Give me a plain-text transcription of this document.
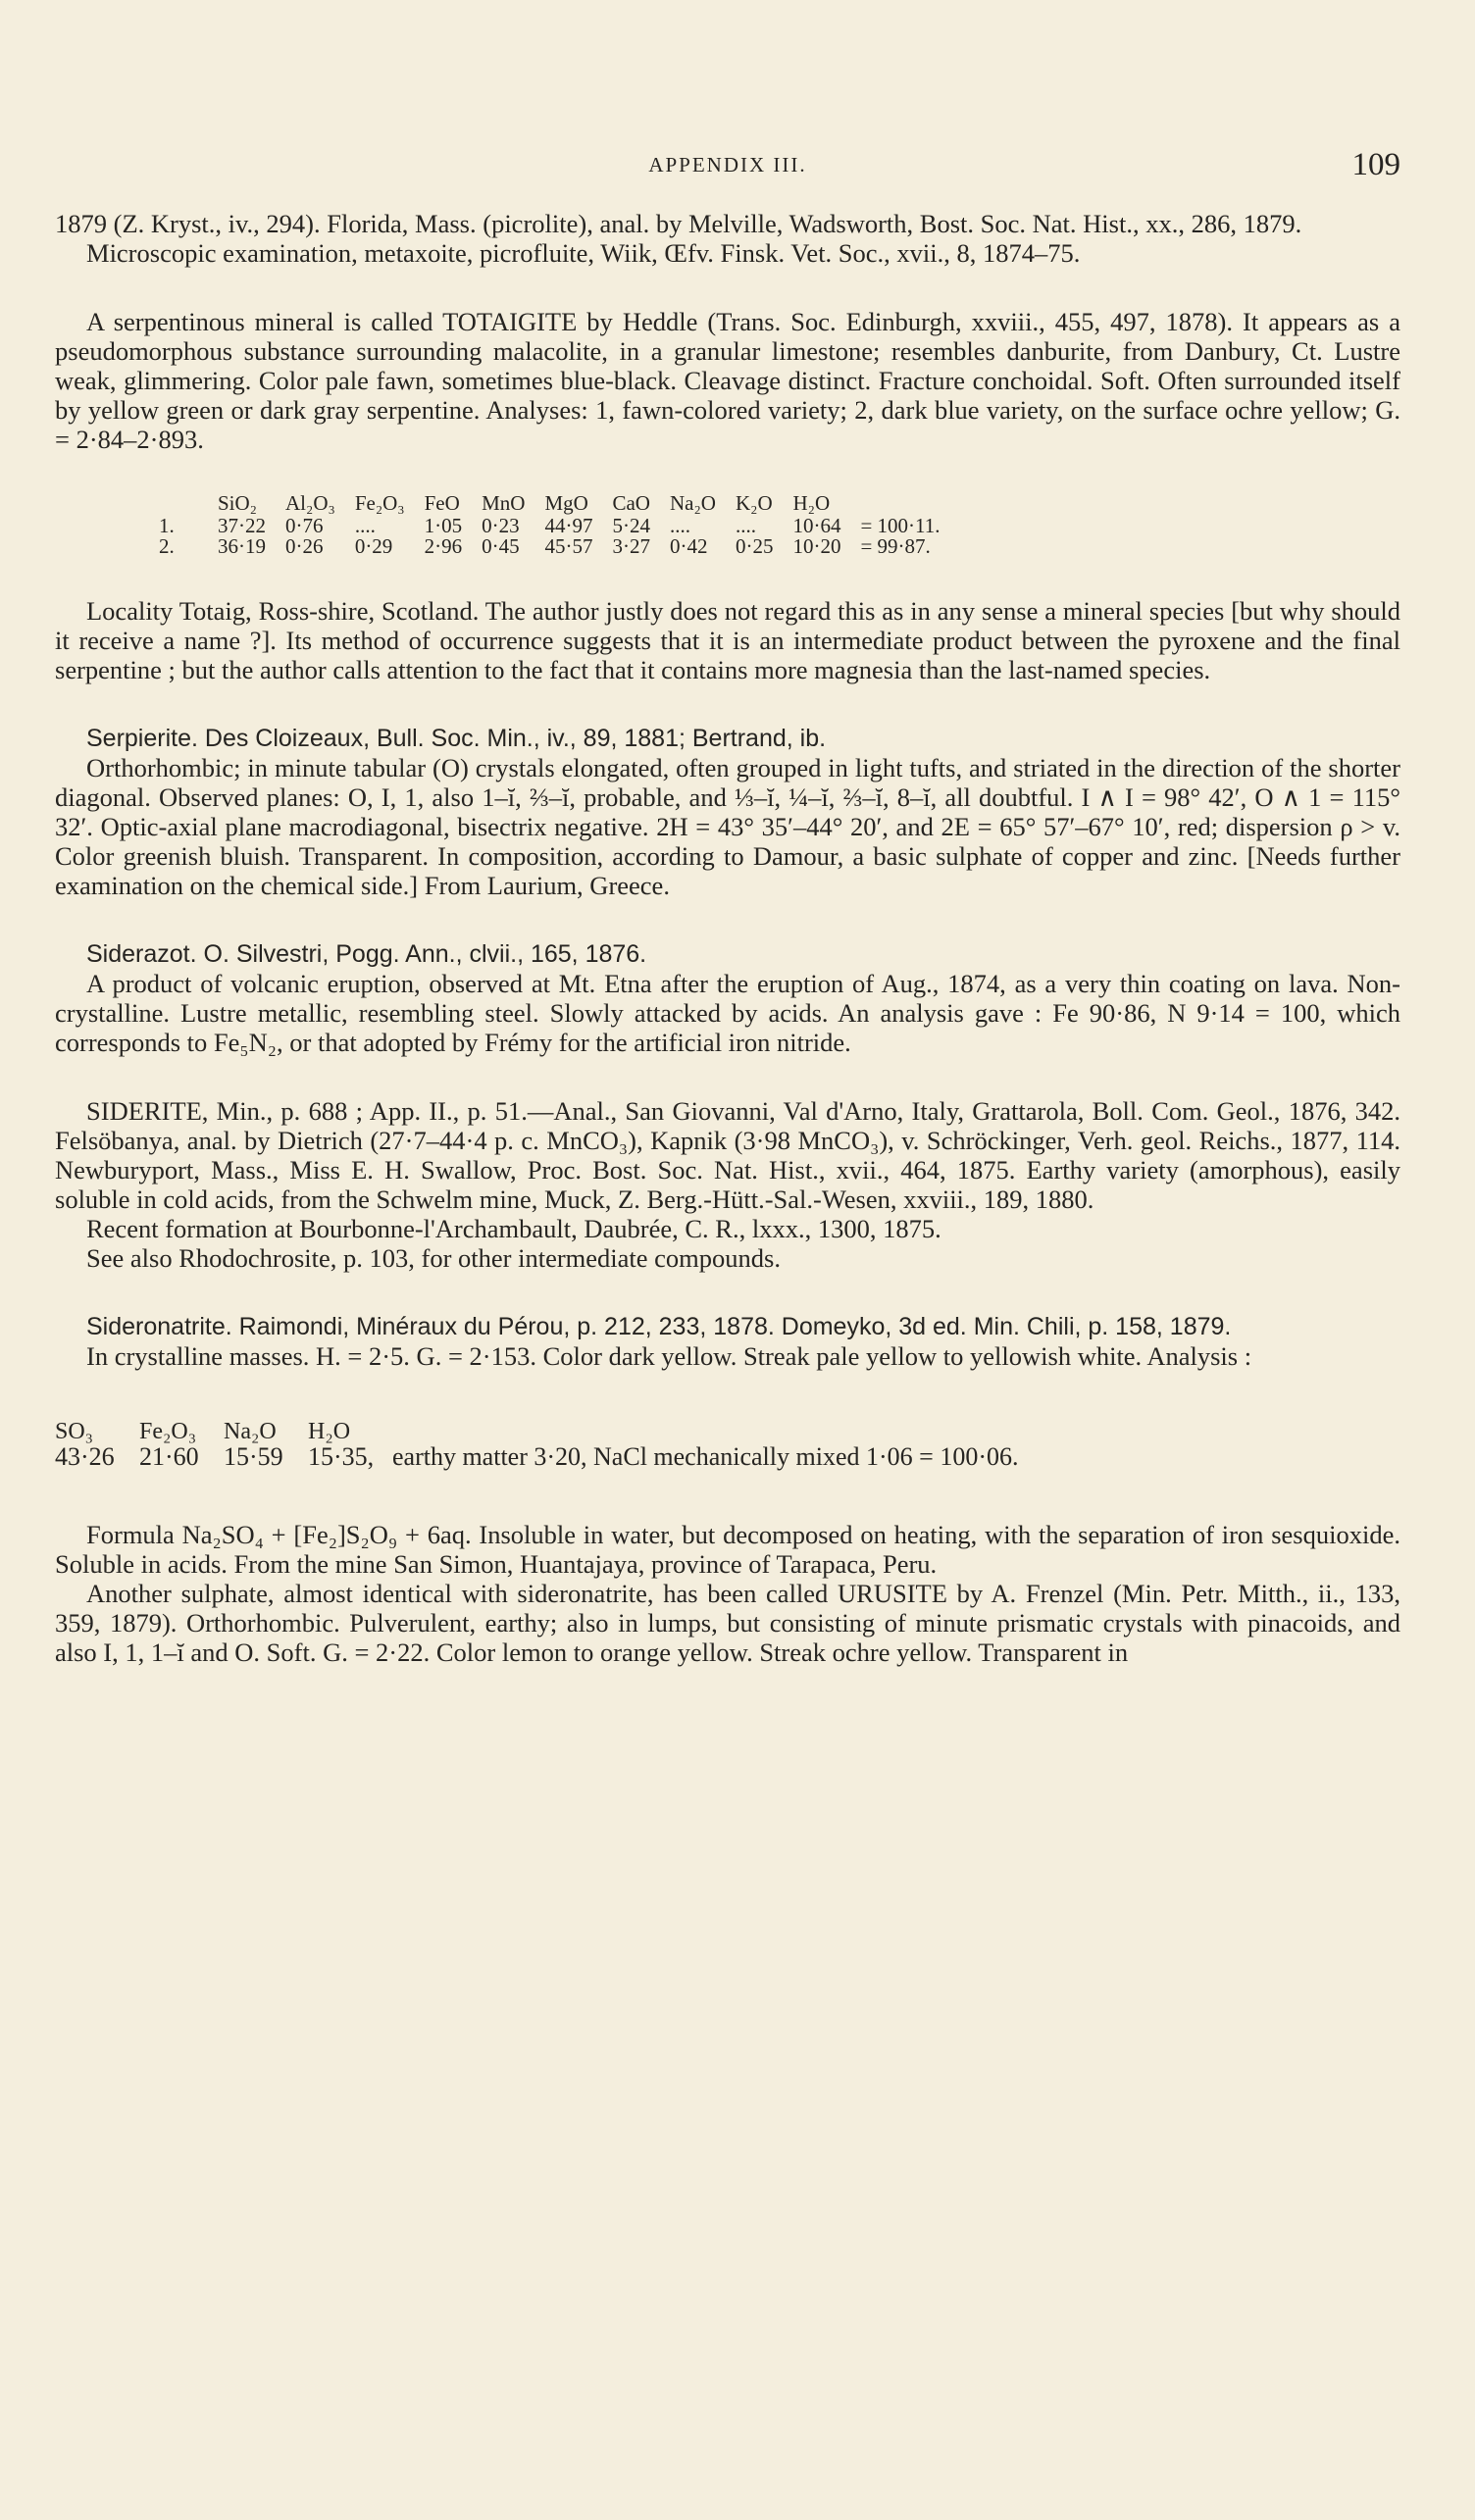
APPENDIX III.	109

1879 (Z. Kryst., iv., 294). Florida, Mass. (picrolite), anal. by Melville, Wadsworth, Bost. Soc. Nat. Hist., xx., 286, 1879.

Microscopic examination, metaxoite, picrofluite, Wiik, Œfv. Finsk. Vet. Soc., xvii., 8, 1874–75.

A serpentinous mineral is called TOTAIGITE by Heddle (Trans. Soc. Edinburgh, xxviii., 455, 497, 1878). It appears as a pseudomorphous substance surrounding malacolite, in a granular limestone; resembles danburite, from Danbury, Ct. Lustre weak, glimmering. Color pale fawn, sometimes blue-black. Cleavage distinct. Fracture conchoidal. Soft. Often surrounded itself by yellow green or dark gray serpentine. Analyses: 1, fawn-colored variety; 2, dark blue variety, on the surface ochre yellow; G. = 2·84–2·893.

	SiO₂	Al₂O₃	Fe₂O₃	FeO	MnO	MgO	CaO	Na₂O	K₂O	H₂O	
1.	37·22	0·76	....	1·05	0·23	44·97	5·24	....	....	10·64	= 100·11.
2.	36·19	0·26	0·29	2·96	0·45	45·57	3·27	0·42	0·25	10·20	= 99·87.

Locality Totaig, Ross-shire, Scotland. The author justly does not regard this as in any sense a mineral species [but why should it receive a name ?]. Its method of occurrence suggests that it is an intermediate product between the pyroxene and the final serpentine ; but the author calls attention to the fact that it contains more magnesia than the last-named species.

Serpierite. Des Cloizeaux, Bull. Soc. Min., iv., 89, 1881; Bertrand, ib.

Orthorhombic; in minute tabular (O) crystals elongated, often grouped in light tufts, and striated in the direction of the shorter diagonal. Observed planes: O, I, 1, also 1–ĭ, ⅔–ĭ, probable, and ⅓–ĭ, ¼–ĭ, ⅔–ĭ, 8–ĭ, all doubtful. I ∧ I = 98° 42′, O ∧ 1 = 115° 32′. Optic-axial plane macrodiagonal, bisectrix negative. 2H = 43° 35′–44° 20′, and 2E = 65° 57′–67° 10′, red; dispersion ρ > v. Color greenish bluish. Transparent. In composition, according to Damour, a basic sulphate of copper and zinc. [Needs further examination on the chemical side.] From Laurium, Greece.

Siderazot. O. Silvestri, Pogg. Ann., clvii., 165, 1876.

A product of volcanic eruption, observed at Mt. Etna after the eruption of Aug., 1874, as a very thin coating on lava. Non-crystalline. Lustre metallic, resembling steel. Slowly attacked by acids. An analysis gave : Fe 90·86, N 9·14 = 100, which corresponds to Fe₅N₂, or that adopted by Frémy for the artificial iron nitride.

SIDERITE, Min., p. 688 ; App. II., p. 51.—Anal., San Giovanni, Val d'Arno, Italy, Grattarola, Boll. Com. Geol., 1876, 342. Felsöbanya, anal. by Dietrich (27·7–44·4 p. c. MnCO₃), Kapnik (3·98 MnCO₃), v. Schröckinger, Verh. geol. Reichs., 1877, 114. Newburyport, Mass., Miss E. H. Swallow, Proc. Bost. Soc. Nat. Hist., xvii., 464, 1875. Earthy variety (amorphous), easily soluble in cold acids, from the Schwelm mine, Muck, Z. Berg.-Hütt.-Sal.-Wesen, xxviii., 189, 1880.

Recent formation at Bourbonne-l'Archambault, Daubrée, C. R., lxxx., 1300, 1875.

See also Rhodochrosite, p. 103, for other intermediate compounds.

Sideronatrite. Raimondi, Minéraux du Pérou, p. 212, 233, 1878. Domeyko, 3d ed. Min. Chili, p. 158, 1879.

In crystalline masses. H. = 2·5. G. = 2·153. Color dark yellow. Streak pale yellow to yellowish white. Analysis :

SO₃ Fe₂O₃ Na₂O H₂O
43·26 21·60 15·59 15·35, earthy matter 3·20, NaCl mechanically mixed 1·06 = 100·06.

Formula Na₂SO₄ + [Fe₂]S₂O₉ + 6aq. Insoluble in water, but decomposed on heating, with the separation of iron sesquioxide. Soluble in acids. From the mine San Simon, Huantajaya, province of Tarapaca, Peru.

Another sulphate, almost identical with sideronatrite, has been called URUSITE by A. Frenzel (Min. Petr. Mitth., ii., 133, 359, 1879). Orthorhombic. Pulverulent, earthy; also in lumps, but consisting of minute prismatic crystals with pinacoids, and also I, 1, 1–ĭ and O. Soft. G. = 2·22. Color lemon to orange yellow. Streak ochre yellow. Transparent in
